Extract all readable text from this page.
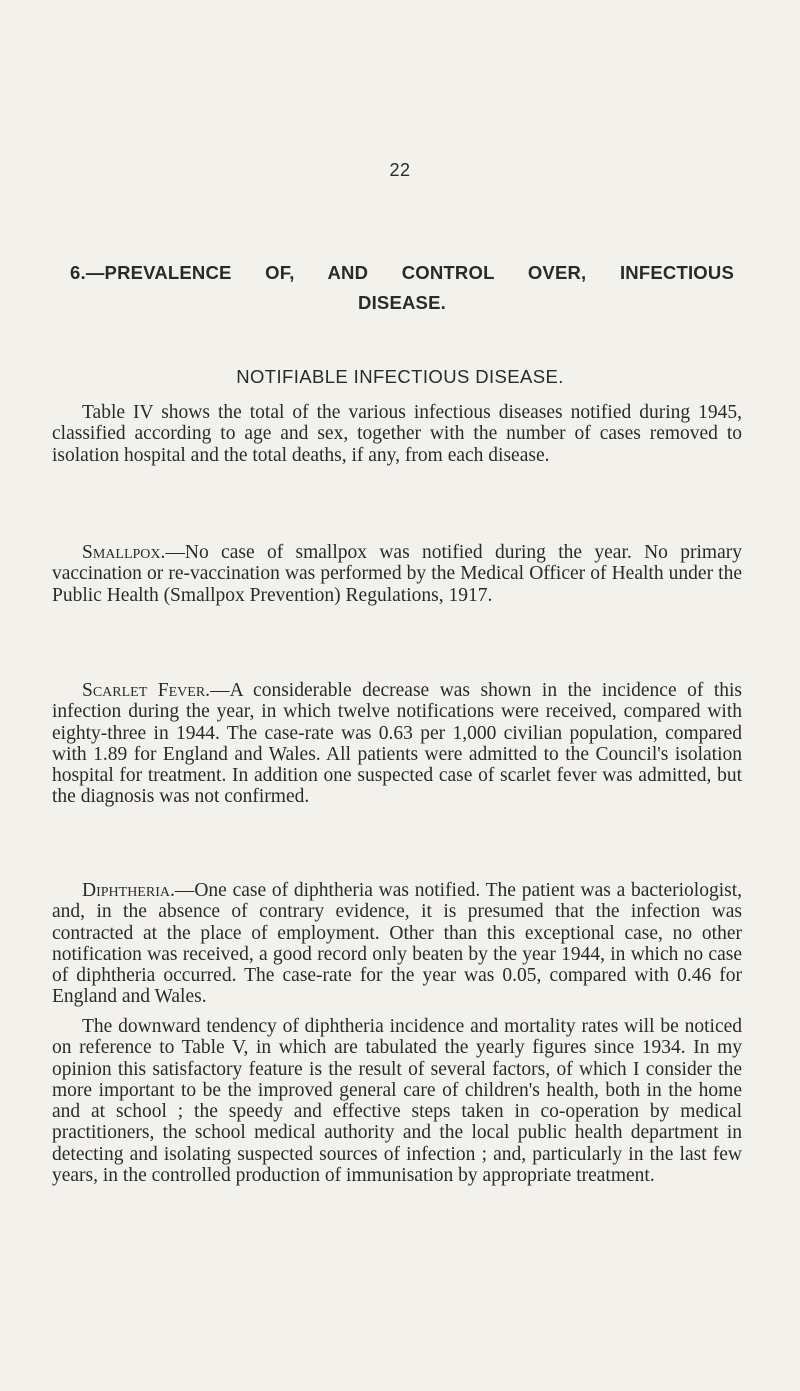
22
6.—PREVALENCE OF, AND CONTROL OVER, INFECTIOUS
DISEASE.
NOTIFIABLE INFECTIOUS DISEASE.

Table IV shows the total of the various infectious diseases notified during 1945, classified according to age and sex, together with the number of cases removed to isolation hospital and the total deaths, if any, from each disease.

Smallpox.—No case of smallpox was notified during the year. No primary vaccination or re-vaccination was performed by the Medical Officer of Health under the Public Health (Smallpox Prevention) Regulations, 1917.

Scarlet Fever.—A considerable decrease was shown in the incidence of this infection during the year, in which twelve notifications were received, compared with eighty-three in 1944. The case-rate was 0.63 per 1,000 civilian population, compared with 1.89 for England and Wales. All patients were admitted to the Council's isolation hospital for treatment. In addition one suspected case of scarlet fever was admitted, but the diagnosis was not confirmed.

Diphtheria.—One case of diphtheria was notified. The patient was a bacteriologist, and, in the absence of contrary evidence, it is presumed that the infection was contracted at the place of employment. Other than this exceptional case, no other notification was received, a good record only beaten by the year 1944, in which no case of diphtheria occurred. The case-rate for the year was 0.05, compared with 0.46 for England and Wales.

The downward tendency of diphtheria incidence and mortality rates will be noticed on reference to Table V, in which are tabulated the yearly figures since 1934. In my opinion this satisfactory feature is the result of several factors, of which I consider the more important to be the improved general care of children's health, both in the home and at school ; the speedy and effective steps taken in co-operation by medical practitioners, the school medical authority and the local public health department in detecting and isolating suspected sources of infection ; and, particularly in the last few years, in the controlled production of immunisation by appropriate treatment.
